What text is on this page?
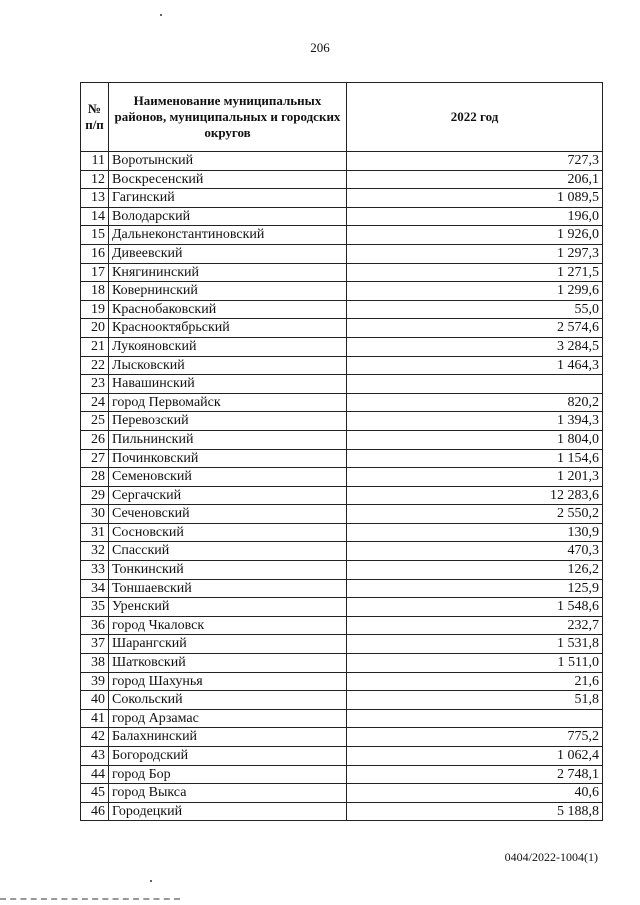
206
№ п/п	Наименование муниципальных районов, муниципальных и городских округов	2022 год
11	Воротынский	727,3
12	Воскресенский	206,1
13	Гагинский	1 089,5
14	Володарский	196,0
15	Дальнеконстантиновский	1 926,0
16	Дивеевский	1 297,3
17	Княгининский	1 271,5
18	Ковернинский	1 299,6
19	Краснобаковский	55,0
20	Краснооктябрьский	2 574,6
21	Лукояновский	3 284,5
22	Лысковский	1 464,3
23	Навашинский	
24	город Первомайск	820,2
25	Перевозский	1 394,3
26	Пильнинский	1 804,0
27	Починковский	1 154,6
28	Семеновский	1 201,3
29	Сергачский	12 283,6
30	Сеченовский	2 550,2
31	Сосновский	130,9
32	Спасский	470,3
33	Тонкинский	126,2
34	Тоншаевский	125,9
35	Уренский	1 548,6
36	город Чкаловск	232,7
37	Шарангский	1 531,8
38	Шатковский	1 511,0
39	город Шахунья	21,6
40	Сокольский	51,8
41	город Арзамас	
42	Балахнинский	775,2
43	Богородский	1 062,4
44	город Бор	2 748,1
45	город Выкса	40,6
46	Городецкий	5 188,8
0404/2022-1004(1)
